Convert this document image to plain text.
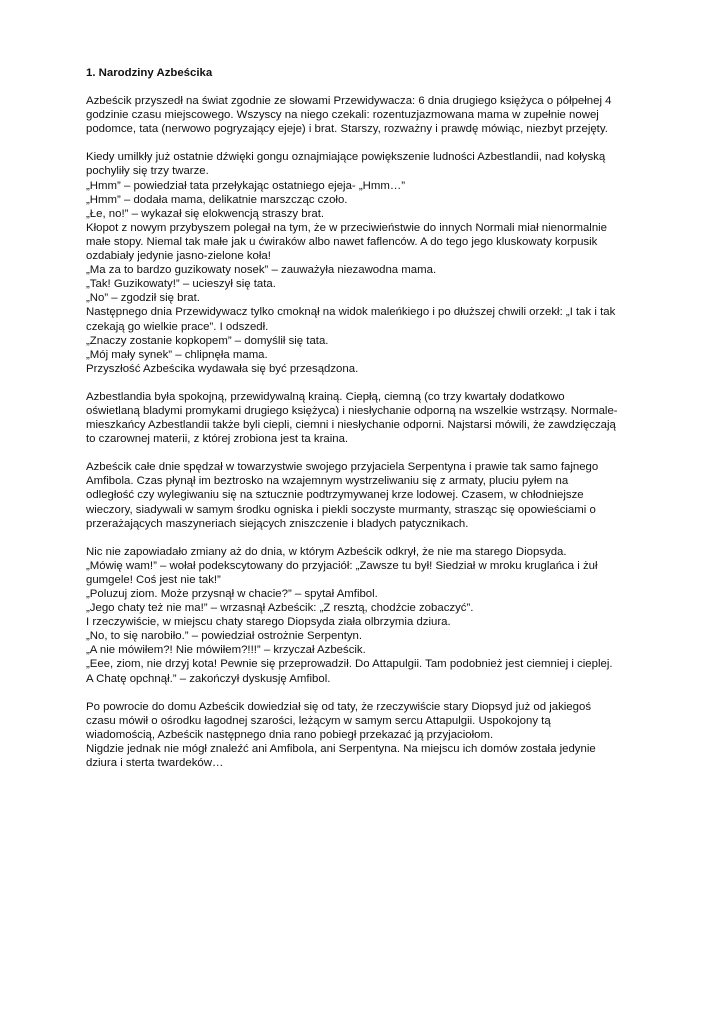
1. Narodziny Azbeścika
Azbeścik przyszedł na świat zgodnie ze słowami Przewidywacza: 6 dnia drugiego księżyca o półpełnej 4
godzinie czasu miejscowego. Wszyscy na niego czekali: rozentuzjazmowana mama w zupełnie nowej
podomce, tata (nerwowo pogryzający ejeje) i brat. Starszy, rozważny i prawdę mówiąc, niezbyt przejęty.
Kiedy umilkły już ostatnie dźwięki gongu oznajmiające powiększenie ludności Azbestlandii, nad kołyską
pochyliły się trzy twarze.
„Hmm” – powiedział tata przełykając ostatniego ejeja- „Hmm…”
„Hmm” – dodała mama, delikatnie marszcząc czoło.
„Łe, no!” – wykazał się elokwencją straszy brat.
Kłopot z nowym przybyszem polegał na tym, że w przeciwieństwie do innych Normali miał nienormalnie
małe stopy. Niemal tak małe jak u ćwiraków albo nawet faflenców. A do tego jego kluskowaty korpusik
ozdabiały jedynie jasno-zielone koła!
„Ma za to bardzo guzikowaty nosek” – zauważyła niezawodna mama.
„Tak! Guzikowaty!” – ucieszył się tata.
„No” – zgodził się brat.
Następnego dnia Przewidywacz tylko cmoknął na widok maleńkiego i po dłuższej chwili orzekł: „I tak i tak
czekają go wielkie prace”. I odszedł.
„Znaczy zostanie kopkopem” – domyślił się tata.
„Mój mały synek” – chlipnęła mama.
Przyszłość Azbeścika wydawała się być przesądzona.
Azbestlandia była spokojną, przewidywalną krainą. Ciepłą, ciemną (co trzy kwartały dodatkowo
oświetlaną bladymi promykami drugiego księżyca) i niesłychanie odporną na wszelkie wstrząsy. Normale-
mieszkańcy Azbestlandii także byli ciepli, ciemni i niesłychanie odporni. Najstarsi mówili, że zawdzięczają
to czarownej materii, z której zrobiona jest ta kraina.
Azbeścik całe dnie spędzał w towarzystwie swojego przyjaciela Serpentyna i prawie tak samo fajnego
Amfibola. Czas płynął im beztrosko na wzajemnym wystrzeliwaniu się z armaty, pluciu pyłem na
odległość czy wylegiwaniu się na sztucznie podtrzymywanej krze lodowej. Czasem, w chłodniejsze
wieczory, siadywali w samym środku ogniska i piekli soczyste murmanty, strasząc się opowieściami o
przerażających maszyneriach siejących zniszczenie i bladych patycznikach.
Nic nie zapowiadało zmiany aż do dnia, w którym Azbeścik odkrył, że nie ma starego Diopsyda.
„Mówię wam!” – wołał podekscytowany do przyjaciół: „Zawsze tu był! Siedział w mroku kruglańca i żuł
gumgele! Coś jest nie tak!”
„Poluzuj ziom. Może przysnął w chacie?” – spytał Amfibol.
„Jego chaty też nie ma!” – wrzasnął Azbeścik: „Z resztą, chodźcie zobaczyć”.
I rzeczywiście, w miejscu chaty starego Diopsyda ziała olbrzymia dziura.
„No, to się narobiło.” – powiedział ostrożnie Serpentyn.
„A nie mówiłem?! Nie mówiłem?!!!” – krzyczał Azbeścik.
„Eee, ziom, nie drzyj kota! Pewnie się przeprowadził. Do Attapulgii. Tam podobnież jest ciemniej i cieplej.
A Chatę opchnął.” – zakończył dyskusję Amfibol.
Po powrocie do domu Azbeścik dowiedział się od taty, że rzeczywiście stary Diopsyd już od jakiegoś
czasu mówił o ośrodku łagodnej szarości, leżącym w samym sercu Attapulgii. Uspokojony tą
wiadomością, Azbeścik następnego dnia rano pobiegł przekazać ją przyjaciołom.
Nigdzie jednak nie mógł znaleźć ani Amfibola, ani Serpentyna. Na miejscu ich domów została jedynie
dziura i sterta twardeków…
